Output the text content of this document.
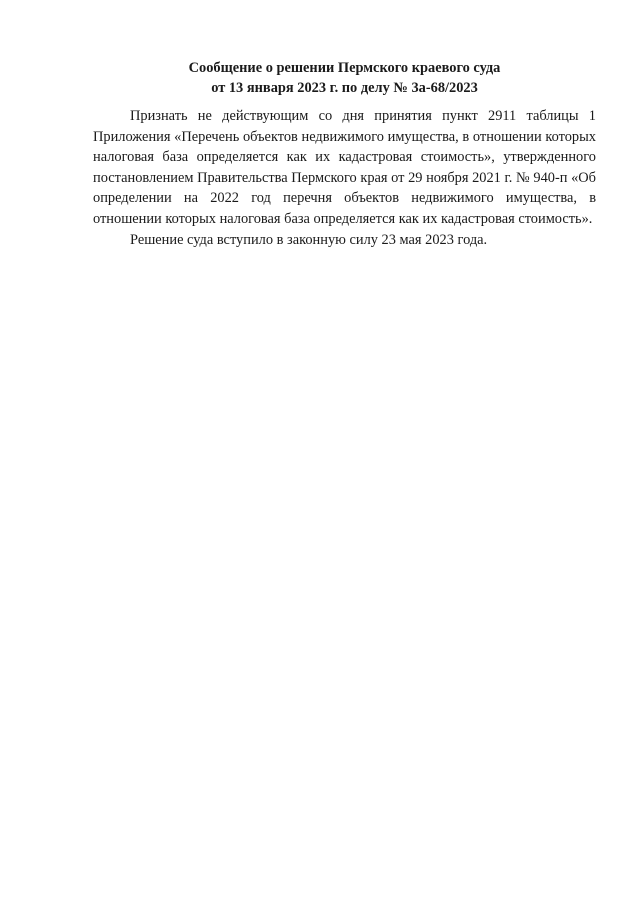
Сообщение о решении Пермского краевого суда
от 13 января 2023 г. по делу № 3а-68/2023

Признать не действующим со дня принятия пункт 2911 таблицы 1 Приложения «Перечень объектов недвижимого имущества, в отношении которых налоговая база определяется как их кадастровая стоимость», утвержденного постановлением Правительства Пермского края от 29 ноября 2021 г. № 940-п «Об определении на 2022 год перечня объектов недвижимого имущества, в отношении которых налоговая база определяется как их кадастровая стоимость».

Решение суда вступило в законную силу 23 мая 2023 года.
